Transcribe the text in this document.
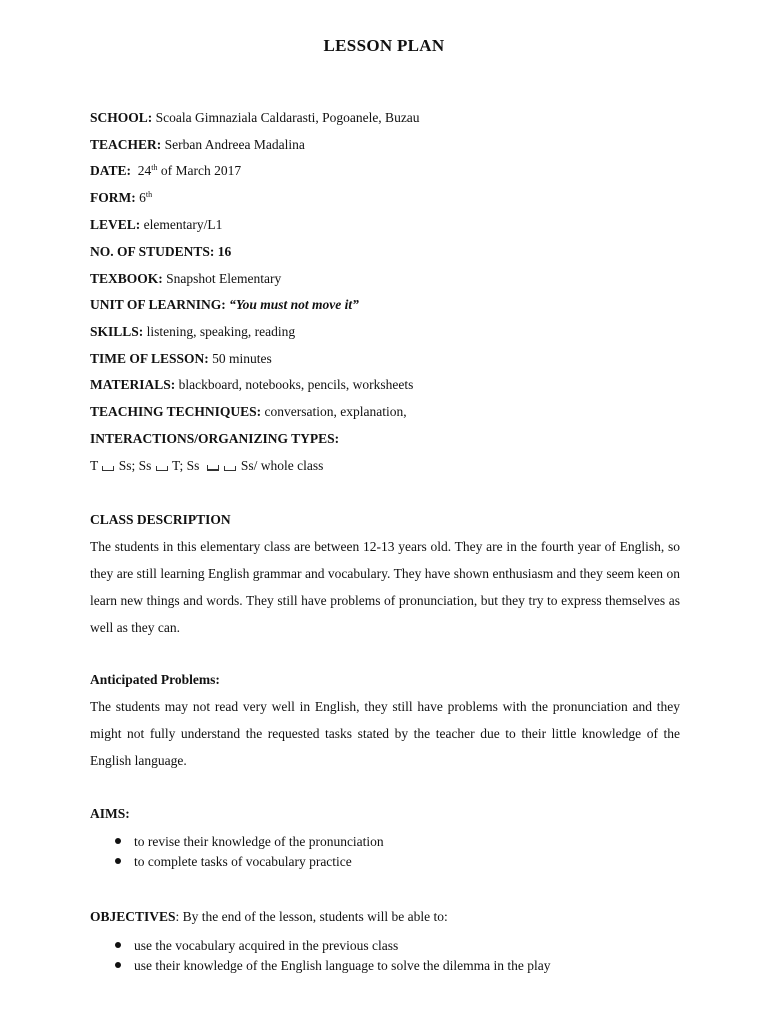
LESSON PLAN
SCHOOL: Scoala Gimnaziala Caldarasti, Pogoanele, Buzau
TEACHER: Serban Andreea Madalina
DATE: 24th of March 2017
FORM: 6th
LEVEL: elementary/L1
NO. OF STUDENTS: 16
TEXBOOK: Snapshot Elementary
UNIT OF LEARNING: “You must not move it”
SKILLS: listening, speaking, reading
TIME OF LESSON: 50 minutes
MATERIALS: blackboard, notebooks, pencils, worksheets
TEACHING TECHNIQUES: conversation, explanation,
INTERACTIONS/ORGANIZING TYPES:
T Ss; Ss T; Ss	Ss/ whole class
CLASS DESCRIPTION
The students in this elementary class are between 12-13 years old. They are in the fourth year of English, so they are still learning English grammar and vocabulary. They have shown enthusiasm and they seem keen on learn new things and words. They still have problems of pronunciation, but they try to express themselves as well as they can.
Anticipated Problems:
The students may not read very well in English, they still have problems with the pronunciation and they might not fully understand the requested tasks stated by the teacher due to their little knowledge of the English language.
AIMS:
to revise their knowledge of the pronunciation
to complete tasks of vocabulary practice
OBJECTIVES: By the end of the lesson, students will be able to:
use the vocabulary acquired in the previous class
use their knowledge of the English language to solve the dilemma in the play
